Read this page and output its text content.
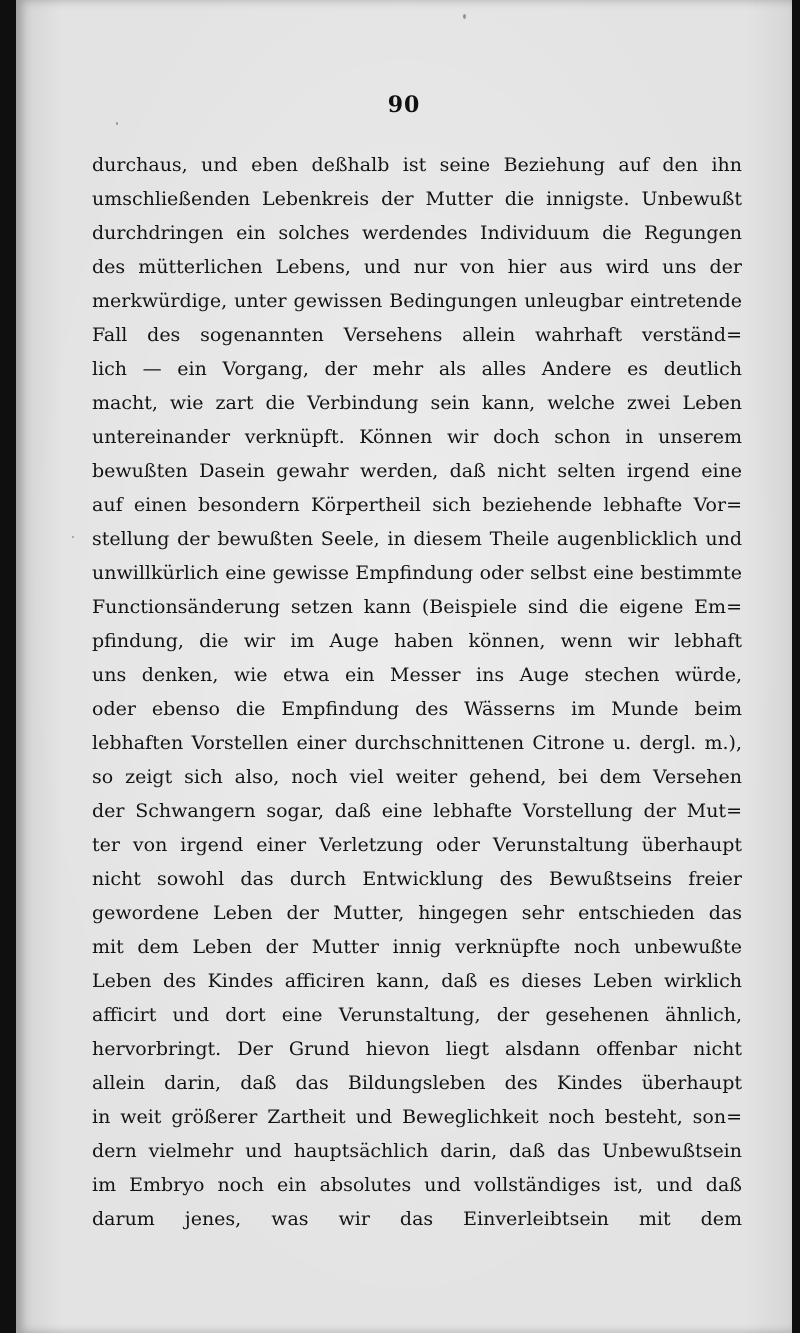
90
durchaus, und eben deßhalb ist seine Beziehung auf den ihn
umschließenden Lebenkreis der Mutter die innigste. Unbewußt
durchdringen ein solches werdendes Individuum die Regungen
des mütterlichen Lebens, und nur von hier aus wird uns der
merkwürdige, unter gewissen Bedingungen unleugbar eintretende
Fall des sogenannten Versehens allein wahrhaft verständ=
lich — ein Vorgang, der mehr als alles Andere es deutlich
macht, wie zart die Verbindung sein kann, welche zwei Leben
untereinander verknüpft. Können wir doch schon in unserem
bewußten Dasein gewahr werden, daß nicht selten irgend eine
auf einen besondern Körpertheil sich beziehende lebhafte Vor=
stellung der bewußten Seele, in diesem Theile augenblicklich und
unwillkürlich eine gewisse Empfindung oder selbst eine bestimmte
Functionsänderung setzen kann (Beispiele sind die eigene Em=
pfindung, die wir im Auge haben können, wenn wir lebhaft
uns denken, wie etwa ein Messer ins Auge stechen würde,
oder ebenso die Empfindung des Wässerns im Munde beim
lebhaften Vorstellen einer durchschnittenen Citrone u. dergl. m.),
so zeigt sich also, noch viel weiter gehend, bei dem Versehen
der Schwangern sogar, daß eine lebhafte Vorstellung der Mut=
ter von irgend einer Verletzung oder Verunstaltung überhaupt
nicht sowohl das durch Entwicklung des Bewußtseins freier
gewordene Leben der Mutter, hingegen sehr entschieden das
mit dem Leben der Mutter innig verknüpfte noch unbewußte
Leben des Kindes afficiren kann, daß es dieses Leben wirklich
afficirt und dort eine Verunstaltung, der gesehenen ähnlich,
hervorbringt. Der Grund hievon liegt alsdann offenbar nicht
allein darin, daß das Bildungsleben des Kindes überhaupt
in weit größerer Zartheit und Beweglichkeit noch besteht, son=
dern vielmehr und hauptsächlich darin, daß das Unbewußtsein
im Embryo noch ein absolutes und vollständiges ist, und daß
darum jenes, was wir das Einverleibtsein mit dem
